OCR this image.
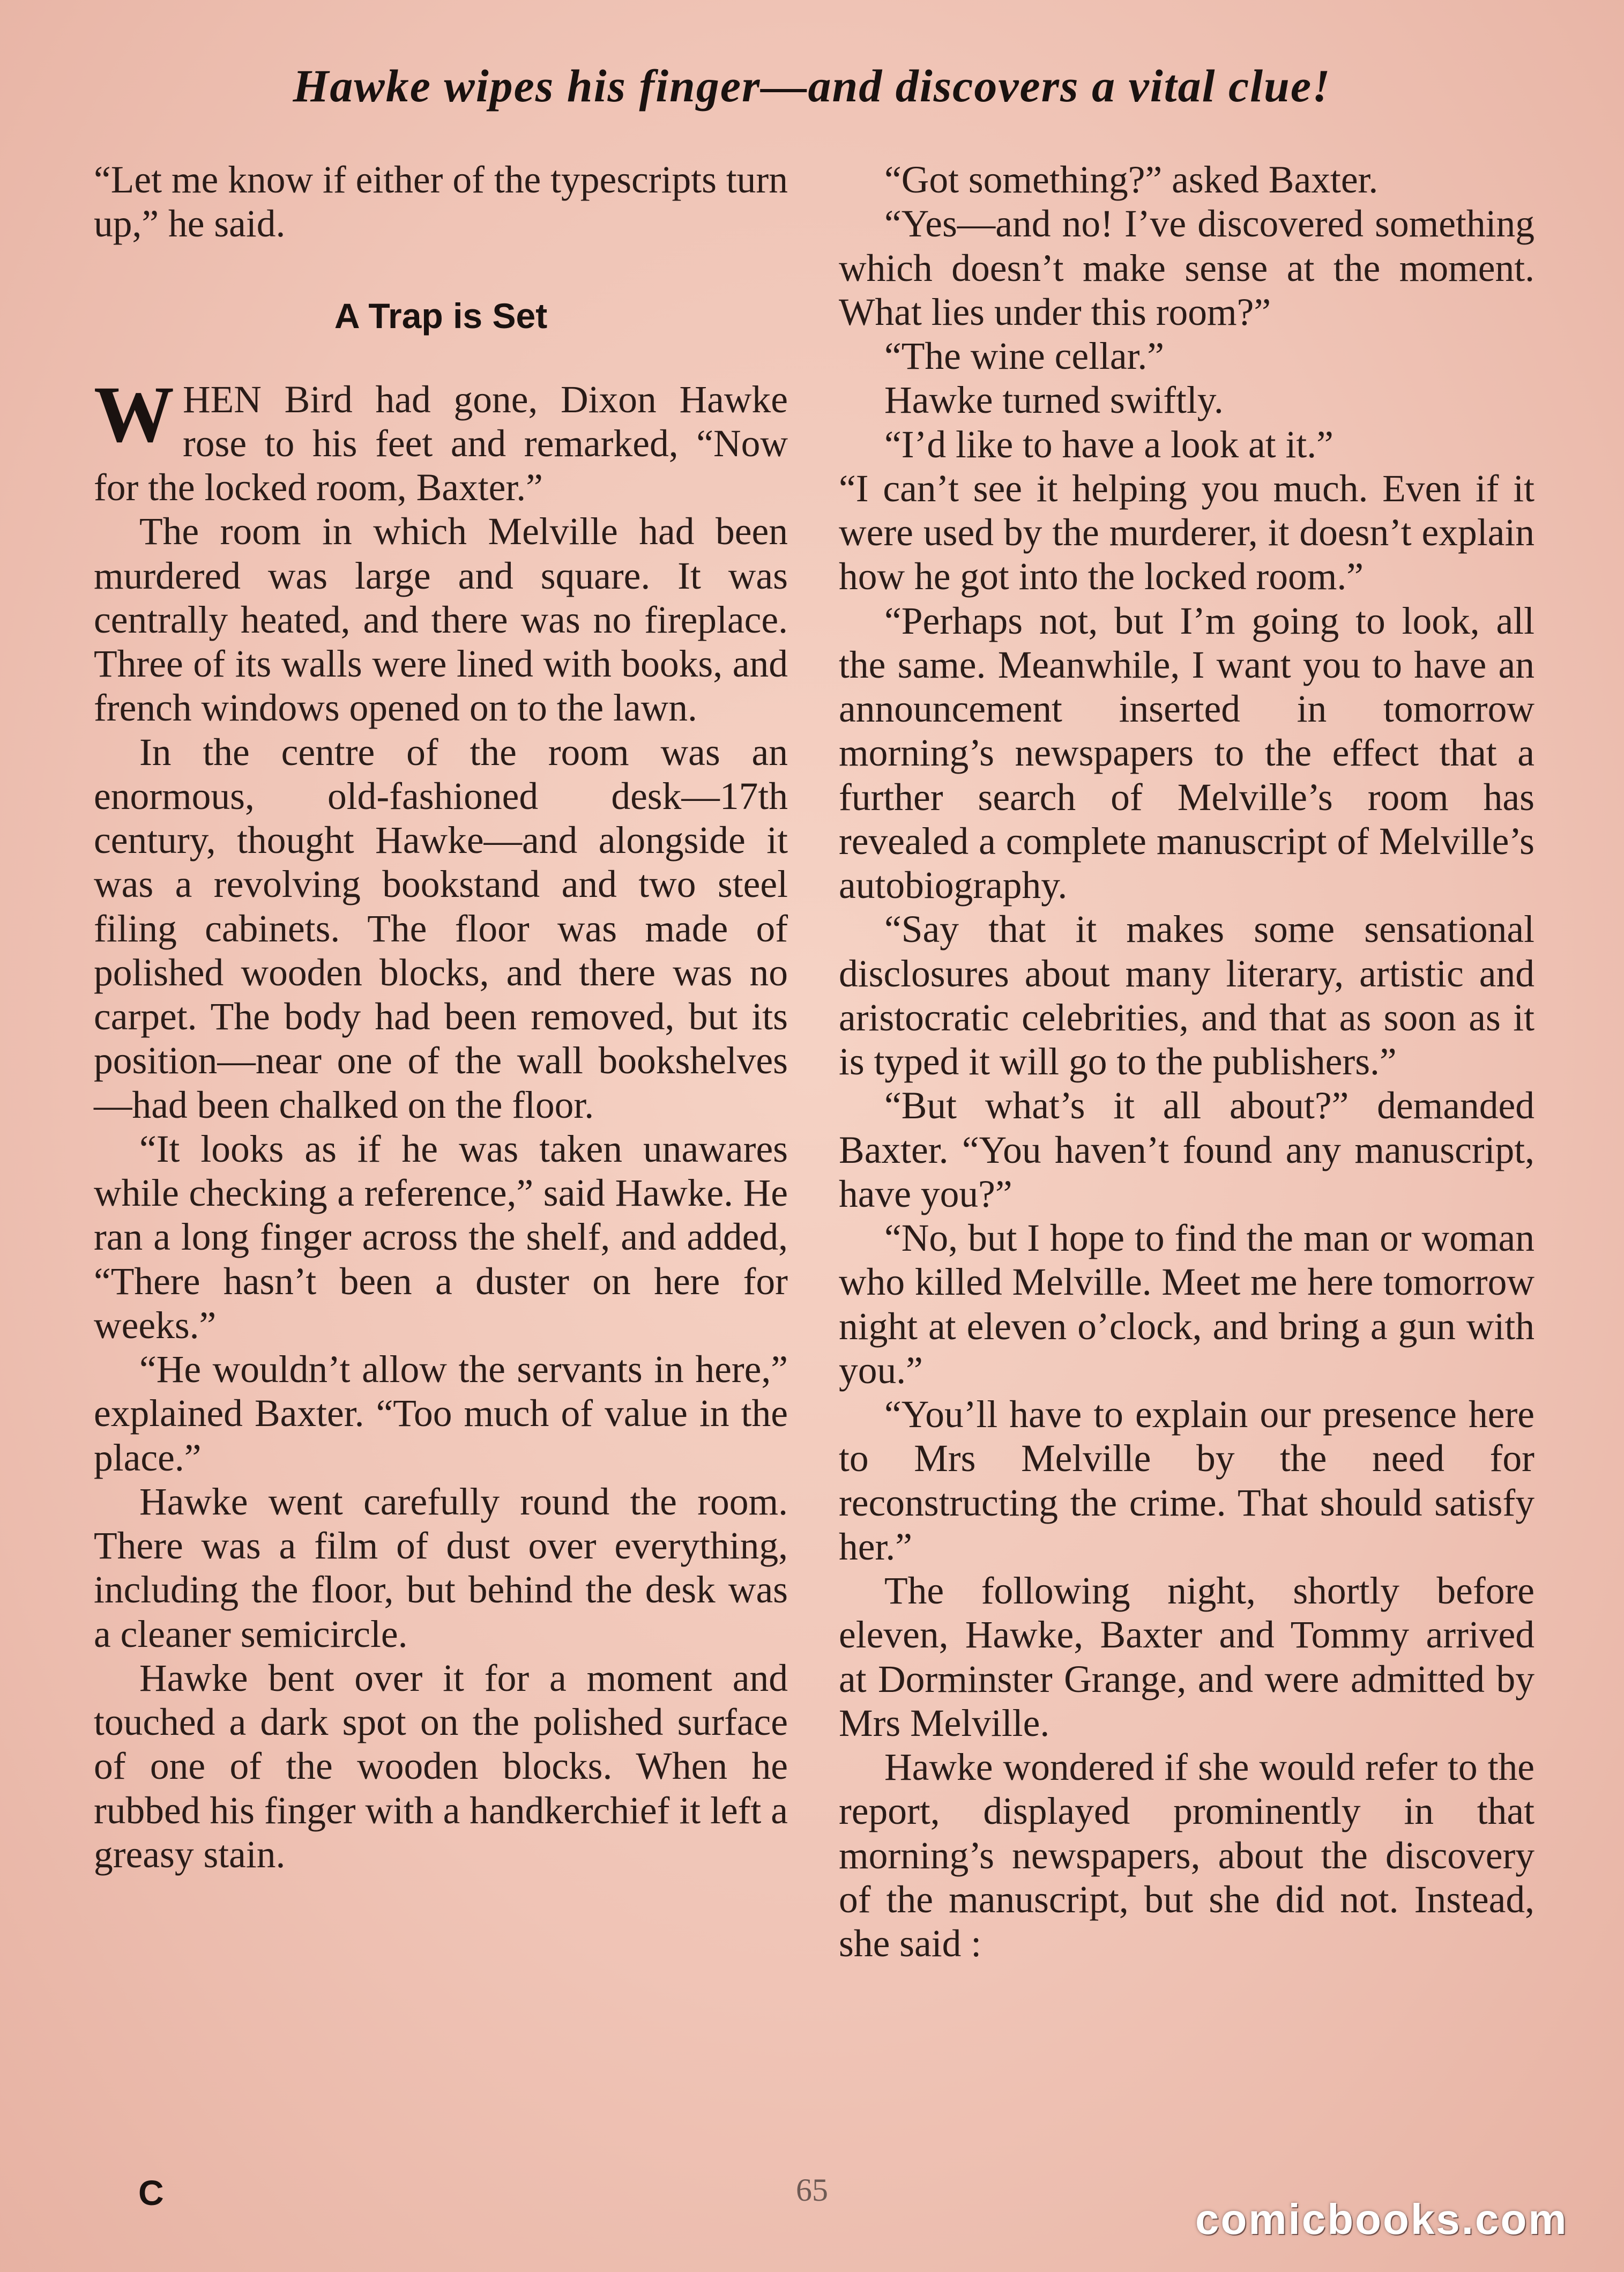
Hawke wipes his finger—and discovers a vital clue!

“Let me know if either of the typescripts turn up,” he said.

A Trap is Set

WHEN Bird had gone, Dixon Hawke rose to his feet and remarked, “Now for the locked room, Baxter.”

The room in which Melville had been murdered was large and square. It was centrally heated, and there was no fireplace. Three of its walls were lined with books, and french windows opened on to the lawn.

In the centre of the room was an enormous, old-fashioned desk—17th century, thought Hawke—and alongside it was a revolving bookstand and two steel filing cabinets. The floor was made of polished wooden blocks, and there was no carpet. The body had been removed, but its position—near one of the wall bookshelves—had been chalked on the floor.

“It looks as if he was taken unawares while checking a reference,” said Hawke. He ran a long finger across the shelf, and added, “There hasn’t been a duster on here for weeks.”

“He wouldn’t allow the servants in here,” explained Baxter. “Too much of value in the place.”

Hawke went carefully round the room. There was a film of dust over everything, including the floor, but behind the desk was a cleaner semicircle.

Hawke bent over it for a moment and touched a dark spot on the polished surface of one of the wooden blocks. When he rubbed his finger with a handkerchief it left a greasy stain.

“Got something?” asked Baxter.

“Yes—and no! I’ve discovered something which doesn’t make sense at the moment. What lies under this room?”

“The wine cellar.”

Hawke turned swiftly.

“I’d like to have a look at it.”

“I can’t see it helping you much. Even if it were used by the murderer, it doesn’t explain how he got into the locked room.”

“Perhaps not, but I’m going to look, all the same. Meanwhile, I want you to have an announcement inserted in tomorrow morning’s newspapers to the effect that a further search of Melville’s room has revealed a complete manuscript of Melville’s autobiography.

“Say that it makes some sensational disclosures about many literary, artistic and aristocratic celebrities, and that as soon as it is typed it will go to the publishers.”

“But what’s it all about?” demanded Baxter. “You haven’t found any manuscript, have you?”

“No, but I hope to find the man or woman who killed Melville. Meet me here tomorrow night at eleven o’clock, and bring a gun with you.”

“You’ll have to explain our presence here to Mrs Melville by the need for reconstructing the crime. That should satisfy her.”

The following night, shortly before eleven, Hawke, Baxter and Tommy arrived at Dorminster Grange, and were admitted by Mrs Melville.

Hawke wondered if she would refer to the report, displayed prominently in that morning’s newspapers, about the discovery of the manuscript, but she did not. Instead, she said :

C	65
comicbooks.com
